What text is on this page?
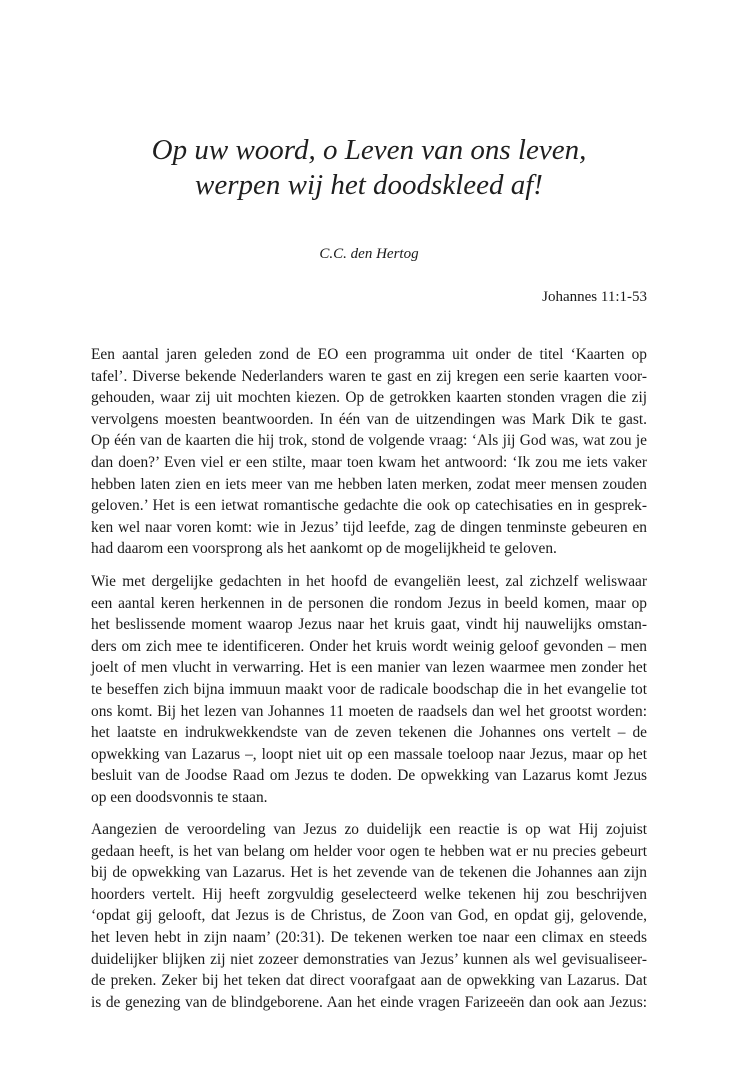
Op uw woord, o Leven van ons leven,
werpen wij het doodskleed af!
C.C. den Hertog
Johannes 11:1-53
Een aantal jaren geleden zond de EO een programma uit onder de titel ‘Kaarten op
tafel’. Diverse bekende Nederlanders waren te gast en zij kregen een serie kaarten voor-
gehouden, waar zij uit mochten kiezen. Op de getrokken kaarten stonden vragen die zij
vervolgens moesten beantwoorden. In één van de uitzendingen was Mark Dik te gast.
Op één van de kaarten die hij trok, stond de volgende vraag: ‘Als jij God was, wat zou je
dan doen?’ Even viel er een stilte, maar toen kwam het antwoord: ‘Ik zou me iets vaker
hebben laten zien en iets meer van me hebben laten merken, zodat meer mensen zouden
geloven.’ Het is een ietwat romantische gedachte die ook op catechisaties en in gesprek-
ken wel naar voren komt: wie in Jezus’ tijd leefde, zag de dingen tenminste gebeuren en
had daarom een voorsprong als het aankomt op de mogelijkheid te geloven.
Wie met dergelijke gedachten in het hoofd de evangeliën leest, zal zichzelf weliswaar
een aantal keren herkennen in de personen die rondom Jezus in beeld komen, maar op
het beslissende moment waarop Jezus naar het kruis gaat, vindt hij nauwelijks omstan-
ders om zich mee te identificeren. Onder het kruis wordt weinig geloof gevonden – men
joelt of men vlucht in verwarring. Het is een manier van lezen waarmee men zonder het
te beseffen zich bijna immuun maakt voor de radicale boodschap die in het evangelie tot
ons komt. Bij het lezen van Johannes 11 moeten de raadsels dan wel het grootst worden:
het laatste en indrukwekkendste van de zeven tekenen die Johannes ons vertelt – de
opwekking van Lazarus –, loopt niet uit op een massale toeloop naar Jezus, maar op het
besluit van de Joodse Raad om Jezus te doden. De opwekking van Lazarus komt Jezus
op een doodsvonnis te staan.
Aangezien de veroordeling van Jezus zo duidelijk een reactie is op wat Hij zojuist
gedaan heeft, is het van belang om helder voor ogen te hebben wat er nu precies gebeurt
bij de opwekking van Lazarus. Het is het zevende van de tekenen die Johannes aan zijn
hoorders vertelt. Hij heeft zorgvuldig geselecteerd welke tekenen hij zou beschrijven
‘opdat gij gelooft, dat Jezus is de Christus, de Zoon van God, en opdat gij, gelovende,
het leven hebt in zijn naam’ (20:31). De tekenen werken toe naar een climax en steeds
duidelijker blijken zij niet zozeer demonstraties van Jezus’ kunnen als wel gevisualiseer-
de preken. Zeker bij het teken dat direct voorafgaat aan de opwekking van Lazarus. Dat
is de genezing van de blindgeborene. Aan het einde vragen Farizeeën dan ook aan Jezus:
